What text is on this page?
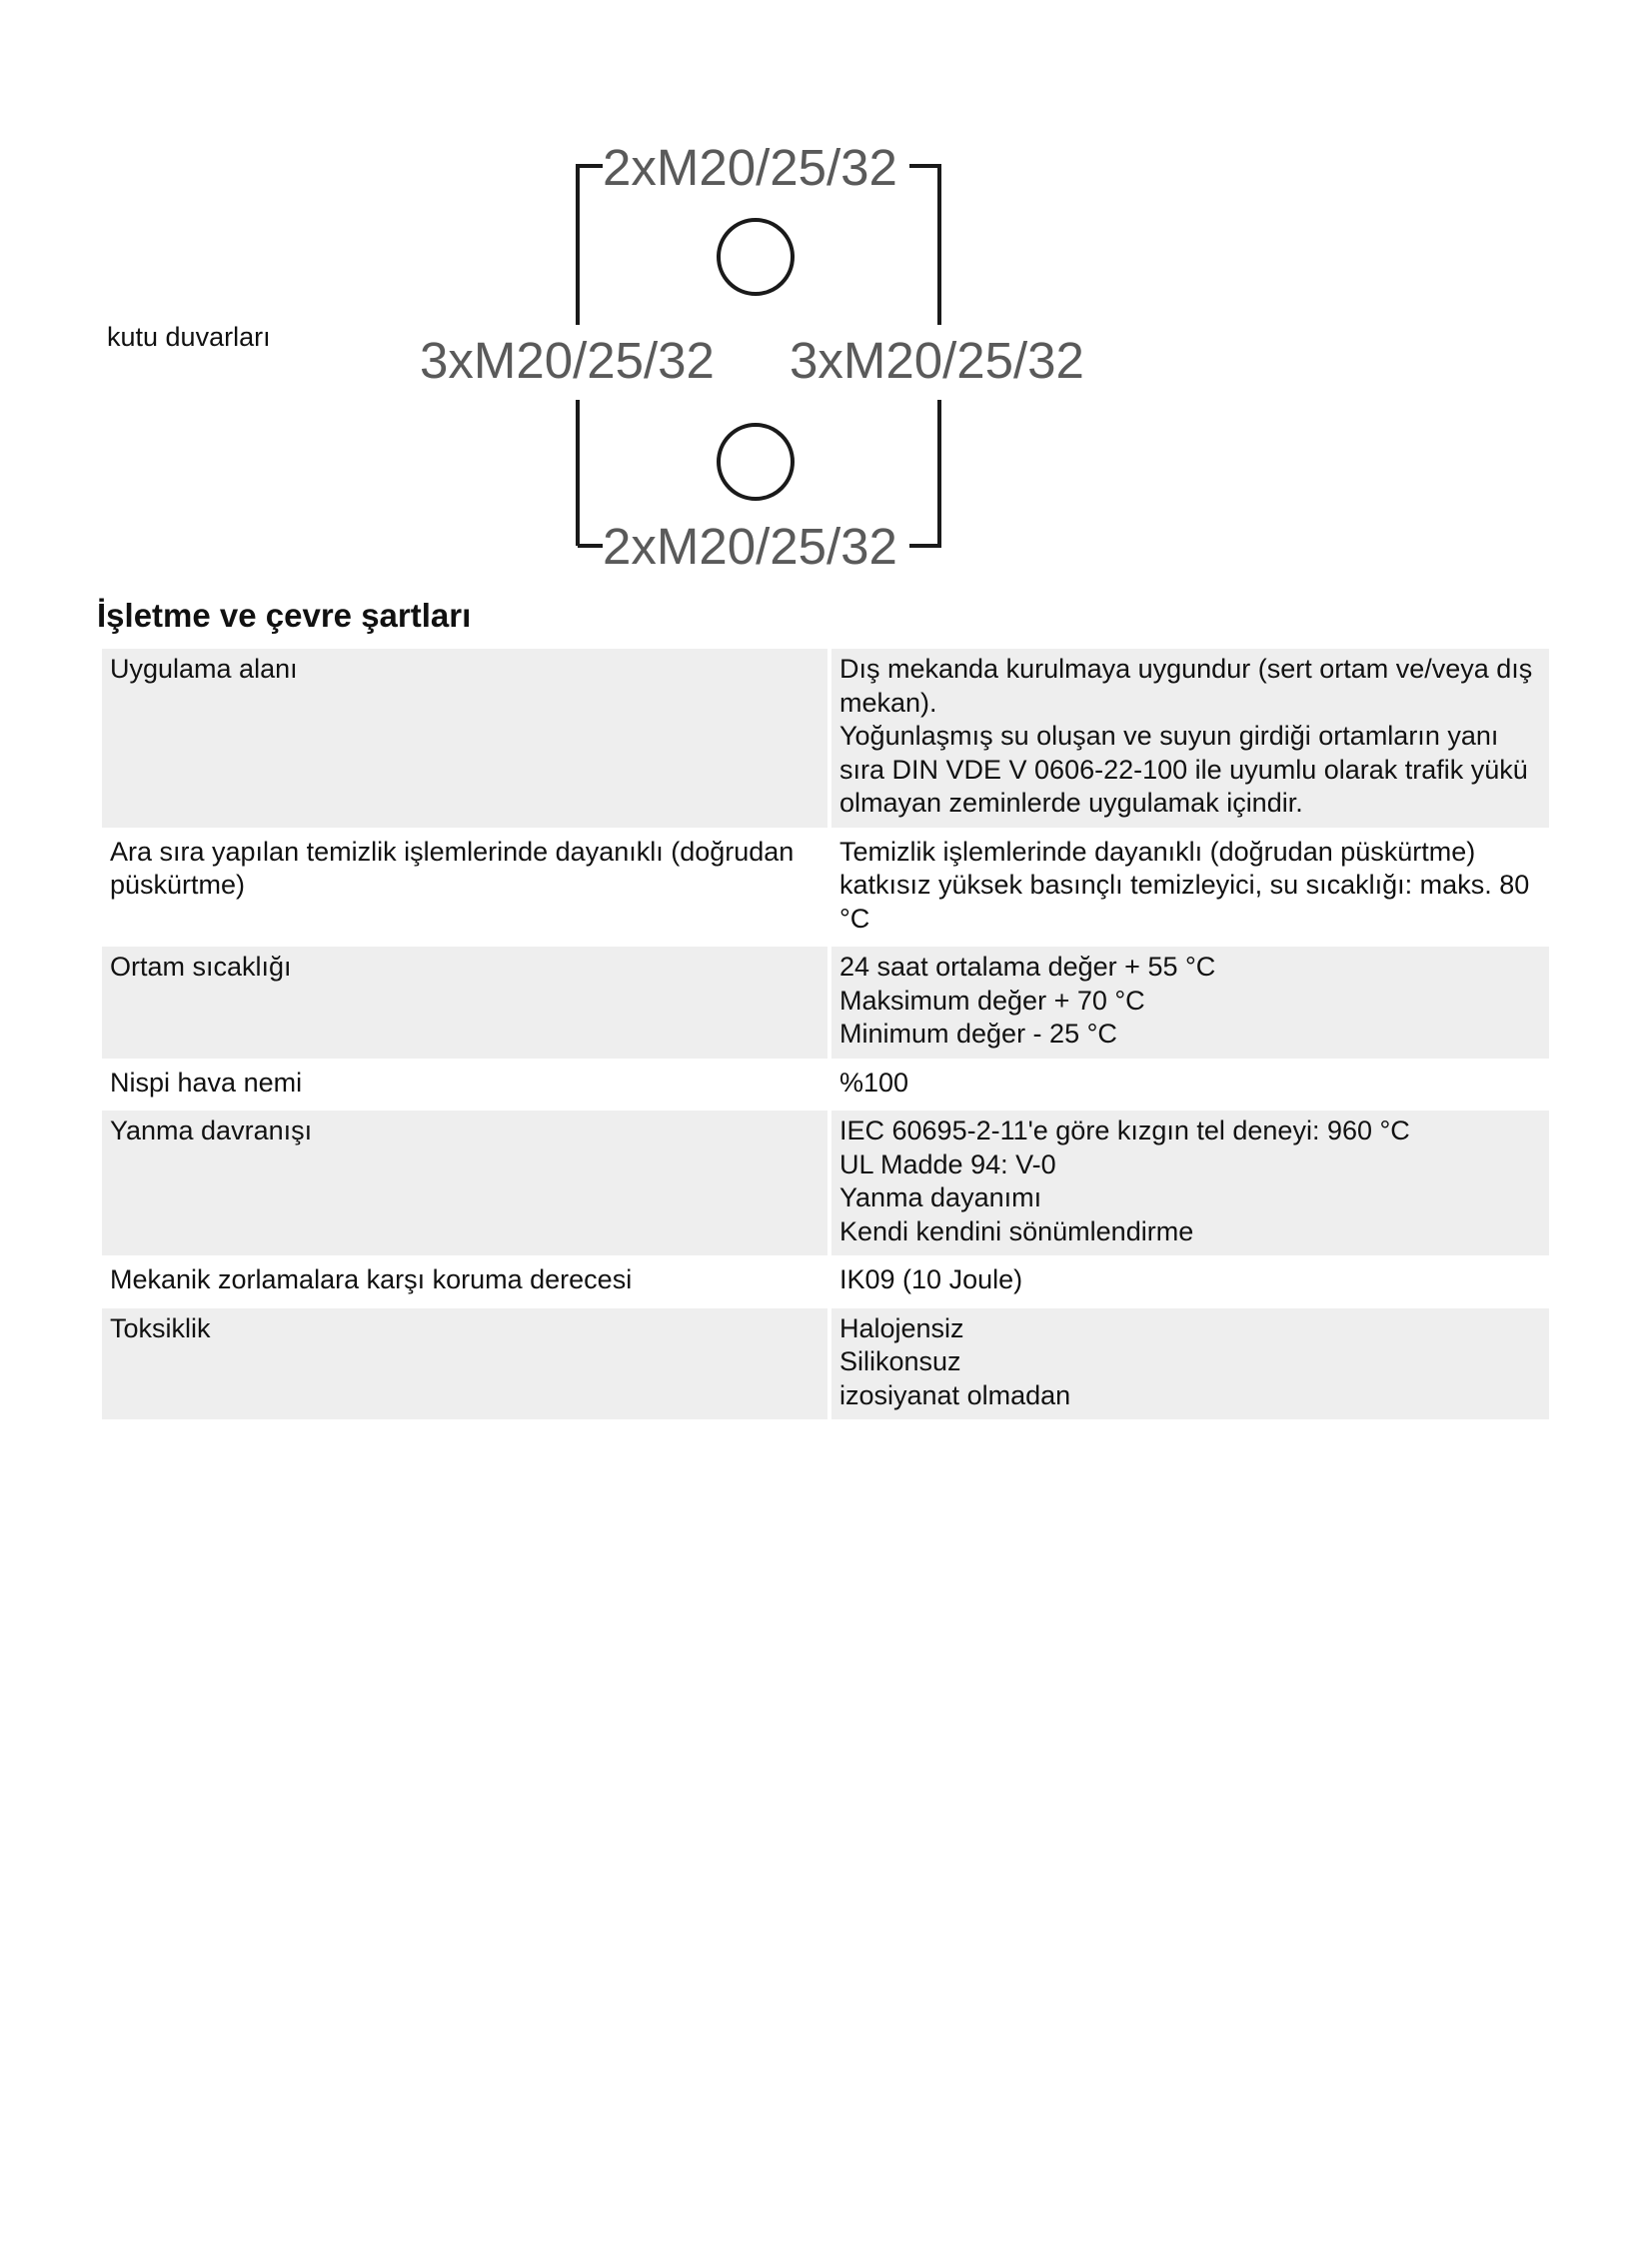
kutu duvarları
2xM20/25/32
3xM20/25/32 3xM20/25/32
2xM20/25/32
İşletme ve çevre şartları
Uygulama alanı	Dış mekanda kurulmaya uygundur (sert ortam ve/veya dış mekan).
Yoğunlaşmış su oluşan ve suyun girdiği ortamların yanı sıra DIN VDE V 0606-22-100 ile uyumlu olarak trafik yükü olmayan zeminlerde uygulamak içindir.

Ara sıra yapılan temizlik işlemlerinde dayanıklı (doğrudan püskürtme)	Temizlik işlemlerinde dayanıklı (doğrudan püskürtme) katkısız yüksek basınçlı temizleyici, su sıcaklığı: maks. 80 °C

Ortam sıcaklığı	24 saat ortalama değer + 55 °C
Maksimum değer + 70 °C
Minimum değer - 25 °C

Nispi hava nemi	%100

Yanma davranışı	IEC 60695-2-11'e göre kızgın tel deneyi: 960 °C
UL Madde 94: V-0
Yanma dayanımı
Kendi kendini sönümlendirme

Mekanik zorlamalara karşı koruma derecesi	IK09 (10 Joule)

Toksiklik	Halojensiz
Silikonsuz
izosiyanat olmadan
